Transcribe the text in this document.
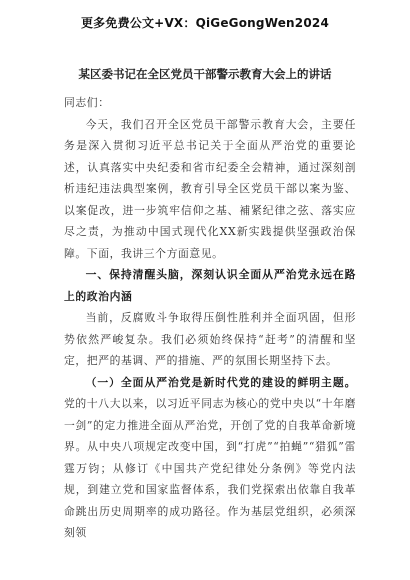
更多免费公文+VX：QiGeGongWen2024
某区委书记在全区党员干部警示教育大会上的讲话

同志们：

今天，我们召开全区党员干部警示教育大会，主要任务是深入贯彻习近平总书记关于全面从严治党的重要论述，认真落实中央纪委和省市纪委全会精神，通过深刻剖析违纪违法典型案例，教育引导全区党员干部以案为鉴、以案促改，进一步筑牢信仰之基、補紧纪律之弦、落实应尽之责，为推动中国式现代化XX新实践提供坚强政治保障。下面，我讲三个方面意见。

一、保持清醒头脑，深刻认识全面从严治党永远在路上的政治内涵

当前，反腐败斗争取得压倒性胜利并全面巩固，但形势依然严峻复杂。我们必须始终保持“赶考”的清醒和坚定，把严的基调、严的措施、严的氛围长期坚持下去。

（一）全面从严治党是新时代党的建设的鲜明主题。党的十八大以来，以习近平同志为核心的党中央以“十年磨一剑”的定力推进全面从严治党，开创了党的自我革命新境界。从中央八项规定改变中国，到“打虎”“拍蝇”“猎狐”雷霆万钧；从修订《中国共产党纪律处分条例》等党内法规，到建立党和国家监督体系，我们党探索出依靠自我革命跳出历史周期率的成功路径。作为基层党组织，必须深刻领
